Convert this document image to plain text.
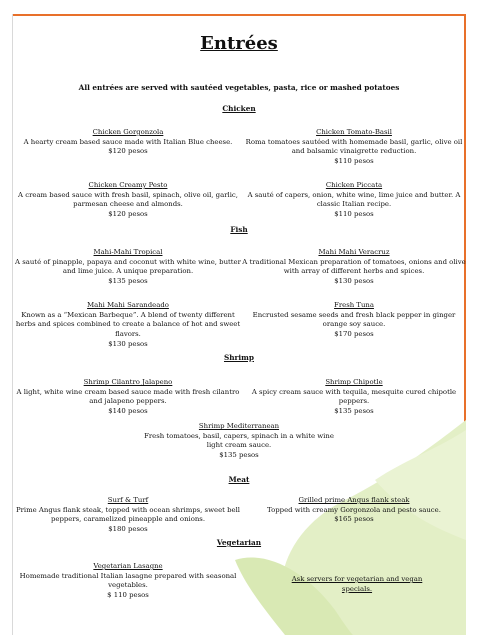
Entrées
All entrées are served with sautéed vegetables, pasta, rice or mashed potatoes
Chicken
Chicken Gorgonzola
A hearty cream based sauce made with Italian Blue cheese.
$120 pesos
Chicken Tomato-Basil
Roma tomatoes sautéed with homemade basil, garlic, olive oil and balsamic vinaigrette reduction.
$110 pesos
Chicken Creamy Pesto
A cream based sauce with fresh basil, spinach, olive oil, garlic, parmesan cheese and almonds.
$120 pesos
Chicken Piccata
A sauté of capers, onion, white wine, lime juice and butter. A classic Italian recipe.
$110 pesos
Fish
Mahi-Mahi Tropical
A sauté of pinapple, papaya and coconut with white wine, butter and lime juice. A unique preparation.
$135 pesos
Mahi Mahi Veracruz
A traditional Mexican preparation of tomatoes, onions and olive with array of different herbs and spices.
$130 pesos
Mahi Mahi Sarandeado
Known as a “Mexican Barbeque”. A blend of twenty different herbs and spices combined to create a balance of hot and sweet flavors.
$130 pesos
Fresh Tuna
Encrusted sesame seeds and fresh black pepper in ginger orange soy sauce.
$170 pesos
Shrimp
Shrimp Cilantro Jalapeno
A light, white wine cream based sauce made with fresh cilantro and jalapeno peppers.
$140 pesos
Shrimp Chipotle
A spicy cream sauce with tequila, mesquite cured chipotle peppers.
$135 pesos
Shrimp Mediterranean
Fresh tomatoes, basil, capers, spinach in a white wine light cream sauce.
$135 pesos
Meat
Surf & Turf
Prime Angus flank steak, topped with ocean shrimps, sweet bell peppers, caramelized pineapple and onions.
$180 pesos
Grilled prime Angus flank steak
Topped with creamy Gorgonzola and pesto sauce.
$165 pesos
Vegetarian
Vegetarian Lasagne
Homemade traditional Italian lasagne prepared with seasonal vegetables.
$ 110 pesos
Ask servers for vegetarian and vegan specials.
